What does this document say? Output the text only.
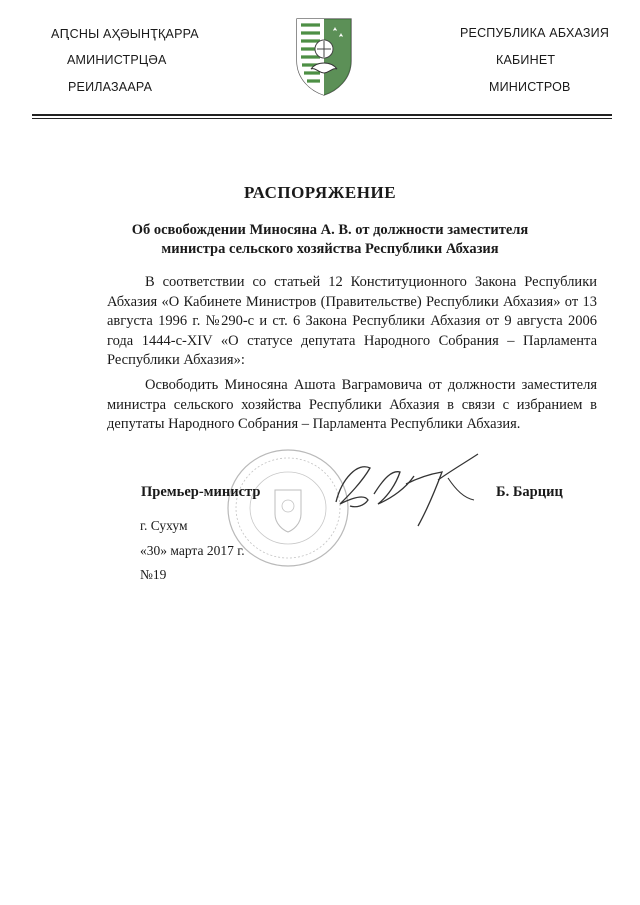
АԤСНЫ АҲӘЫНҬҚАРРА
АМИНИСТРЦӘА
РЕИЛАЗААРА
РЕСПУБЛИКА АБХАЗИЯ
КАБИНЕТ
МИНИСТРОВ
РАСПОРЯЖЕНИЕ
Об освобождении Миносяна А. В. от должности заместителя
министра сельского хозяйства Республики Абхазия
В соответствии со статьей 12 Конституционного Закона Республики Абхазия «О Кабинете Министров (Правительстве) Республики Абхазия» от 13 августа 1996 г. №290-с и ст. 6 Закона Республики Абхазия от 9 августа 2006 года 1444-с-XIV «О статусе депутата Народного Собрания – Парламента Республики Абхазия»:
Освободить Миносяна Ашота Ваграмовича от должности заместителя министра сельского хозяйства Республики Абхазия в связи с избранием в депутаты Народного Собрания – Парламента Республики Абхазия.
Премьер-министр	Б. Барциц
г. Сухум
«30» марта 2017 г.
№19
